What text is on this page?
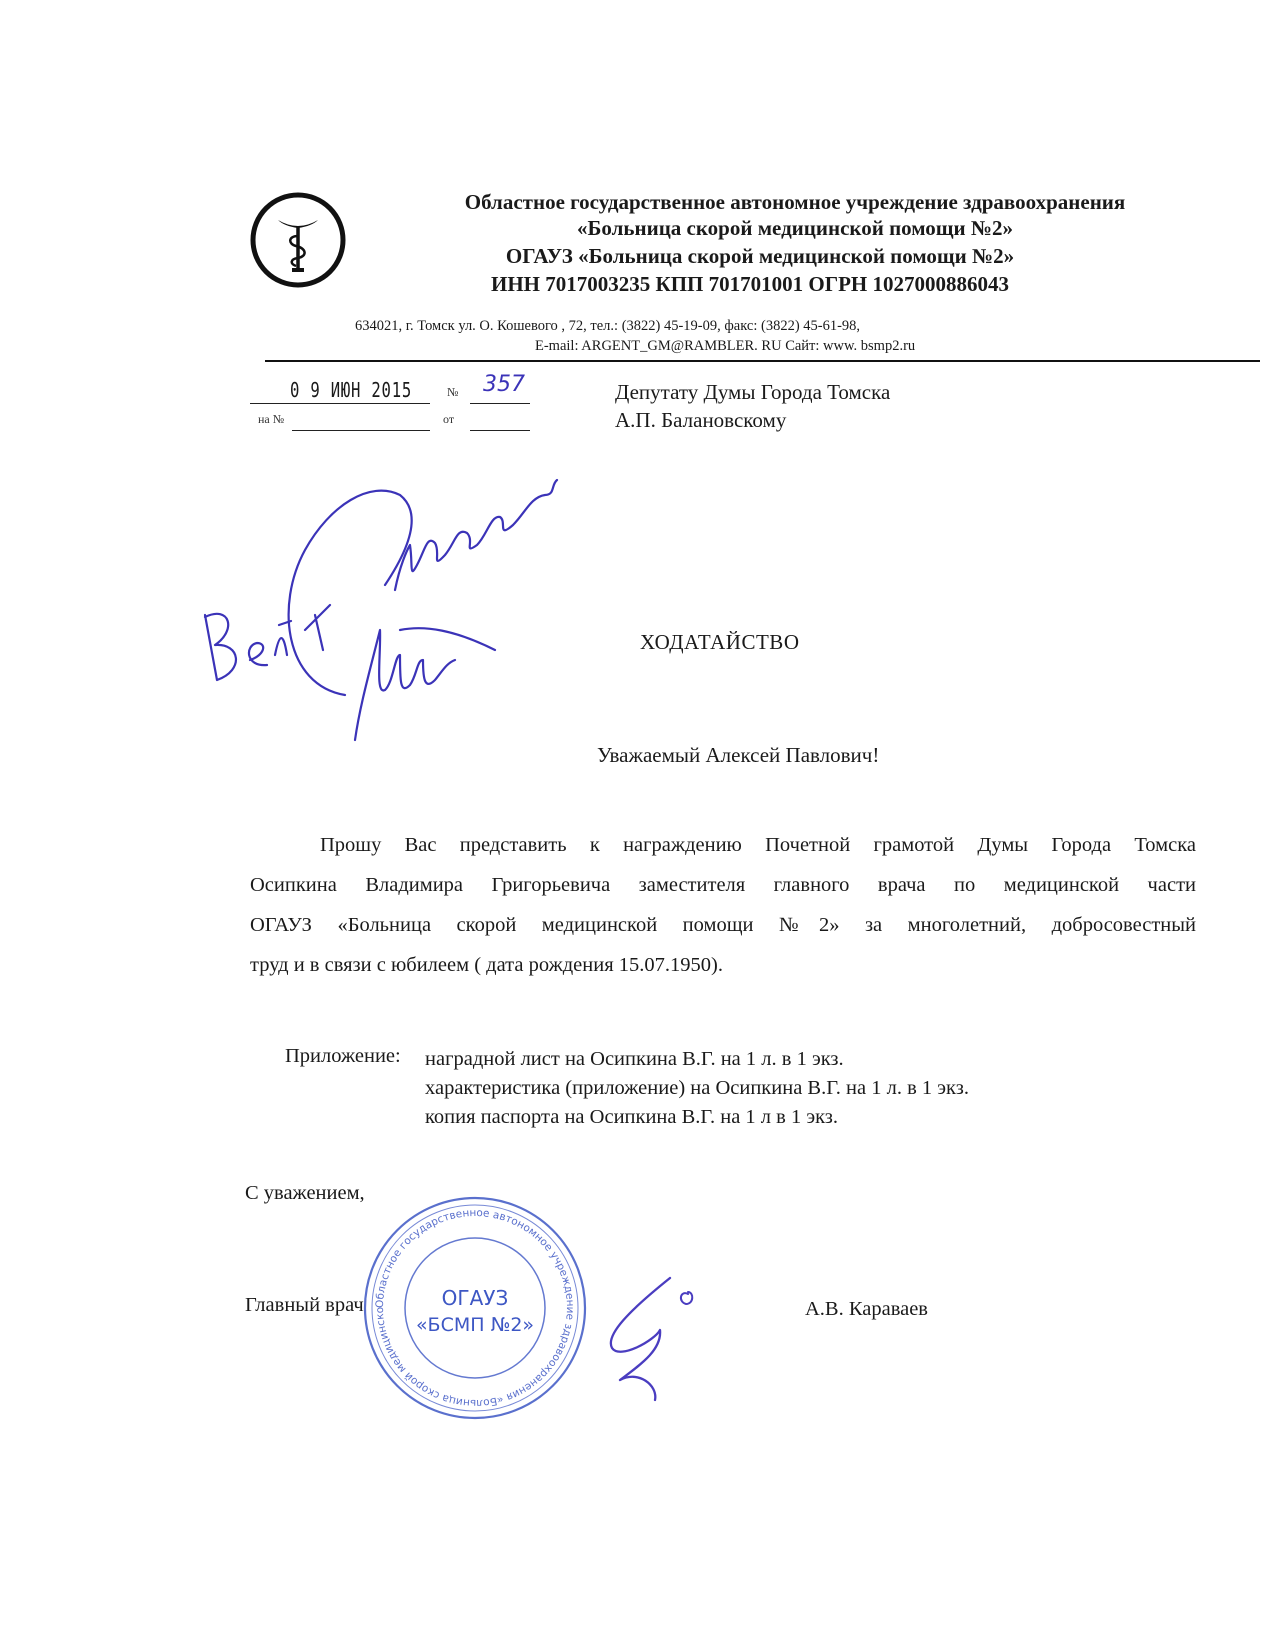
Областное государственное автономное учреждение здравоохранения
«Больница скорой медицинской помощи №2»
ОГАУЗ «Больница скорой медицинской помощи №2»
ИНН 7017003235 КПП 701701001 ОГРН 1027000886043
634021, г. Томск ул. О. Кошевого , 72, тел.: (3822) 45-19-09, факс: (3822) 45-61-98,
E-mail: ARGENT_GM@RAMBLER. RU Сайт: www. bsmp2.ru
0 9 ИЮН 2015	№ 357
на №	от
Депутату Думы Города Томска
А.П. Балановскому
ХОДАТАЙСТВО
Уважаемый Алексей Павлович!
Прошу Вас представить к награждению Почетной грамотой Думы Города Томска
Осипкина Владимира Григорьевича заместителя главного врача по медицинской части
ОГАУЗ «Больница скорой медицинской помощи №2» за многолетний, добросовестный
труд и в связи с юбилеем ( дата рождения 15.07.1950).
Приложение: наградной лист на Осипкина В.Г. на 1 л. в 1 экз.
характеристика (приложение) на Осипкина В.Г. на 1 л. в 1 экз.
копия паспорта на Осипкина В.Г. на 1 л в 1 экз.
С уважением,
Главный врач	А.В. Караваев
Областное государственное автономное учреждение здравоохранения «Больница скорой медицинско
ОГАУЗ
«БСМП №2»
